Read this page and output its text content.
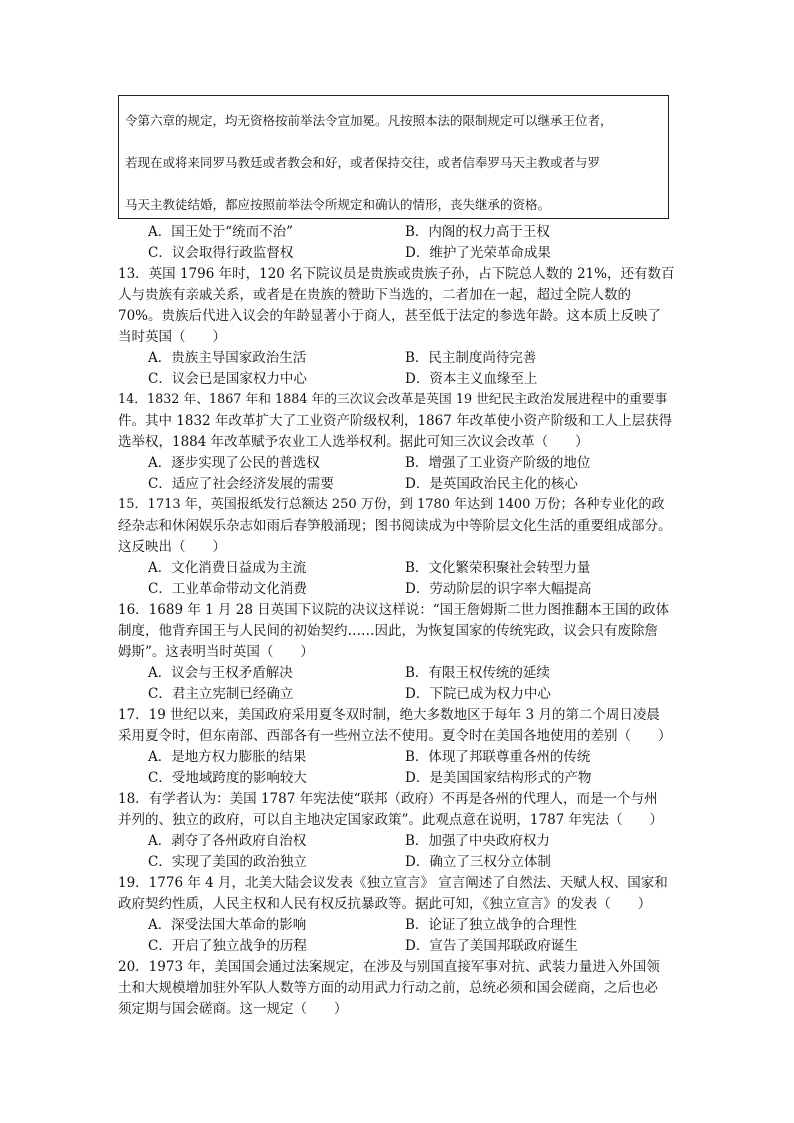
令第六章的规定，均无资格按前举法令宣加冕。凡按照本法的限制规定可以继承王位者，
若现在或将来同罗马教廷或者教会和好，或者保持交往，或者信奉罗马天主教或者与罗
马天主教徒结婚，都应按照前举法令所规定和确认的情形，丧失继承的资格。
A．国王处于“统而不治”	B．内阁的权力高于王权
C．议会取得行政监督权	D．维护了光荣革命成果
13．英国 1796 年时，120 名下院议员是贵族或贵族子孙，占下院总人数的 21%，还有数百
人与贵族有亲戚关系，或者是在贵族的赞助下当选的，二者加在一起，超过全院人数的
70%。贵族后代进入议会的年龄显著小于商人，甚至低于法定的参选年龄。这本质上反映了
当时英国（　　）
A．贵族主导国家政治生活	B．民主制度尚待完善
C．议会已是国家权力中心	D．资本主义血缘至上
14．1832 年、1867 年和 1884 年的三次议会改革是英国 19 世纪民主政治发展进程中的重要事
件。其中 1832 年改革扩大了工业资产阶级权利，1867 年改革使小资产阶级和工人上层获得
选举权，1884 年改革赋予农业工人选举权利。据此可知三次议会改革（　　）
A．逐步实现了公民的普选权	B．增强了工业资产阶级的地位
C．适应了社会经济发展的需要	D．是英国政治民主化的核心
15．1713 年，英国报纸发行总额达 250 万份，到 1780 年达到 1400 万份；各种专业化的政
经杂志和休闲娱乐杂志如雨后春笋般涌现；图书阅读成为中等阶层文化生活的重要组成部分。
这反映出（　　）
A．文化消费日益成为主流	B．文化繁荣积聚社会转型力量
C．工业革命带动文化消费	D．劳动阶层的识字率大幅提高
16．1689 年 1 月 28 日英国下议院的决议这样说：“国王詹姆斯二世力图推翻本王国的政体
制度，他背弃国王与人民间的初始契约……因此，为恢复国家的传统宪政，议会只有废除詹
姆斯”。这表明当时英国（　　）
A．议会与王权矛盾解决	B．有限王权传统的延续
C．君主立宪制已经确立	D．下院已成为权力中心
17．19 世纪以来，美国政府采用夏冬双时制，绝大多数地区于每年 3 月的第二个周日凌晨
采用夏令时，但东南部、西部各有一些州立法不使用。夏令时在美国各地使用的差别（　　）
A．是地方权力膨胀的结果	B．体现了邦联尊重各州的传统
C．受地域跨度的影响较大	D．是美国国家结构形式的产物
18．有学者认为：美国 1787 年宪法使“联邦（政府）不再是各州的代理人，而是一个与州
并列的、独立的政府，可以自主地决定国家政策”。此观点意在说明，1787 年宪法（　　）
A．剥夺了各州政府自治权	B．加强了中央政府权力
C．实现了美国的政治独立	D．确立了三权分立体制
19．1776 年 4 月，北美大陆会议发表《独立宣言》 宣言阐述了自然法、天赋人权、国家和
政府契约性质，人民主权和人民有权反抗暴政等。据此可知，《独立宣言》的发表（　　）
A．深受法国大革命的影响	B．论证了独立战争的合理性
C．开启了独立战争的历程	D．宣告了美国邦联政府诞生
20．1973 年，美国国会通过法案规定，在涉及与别国直接军事对抗、武装力量进入外国领
土和大规模增加驻外军队人数等方面的动用武力行动之前，总统必须和国会磋商，之后也必
须定期与国会磋商。这一规定（　　）
